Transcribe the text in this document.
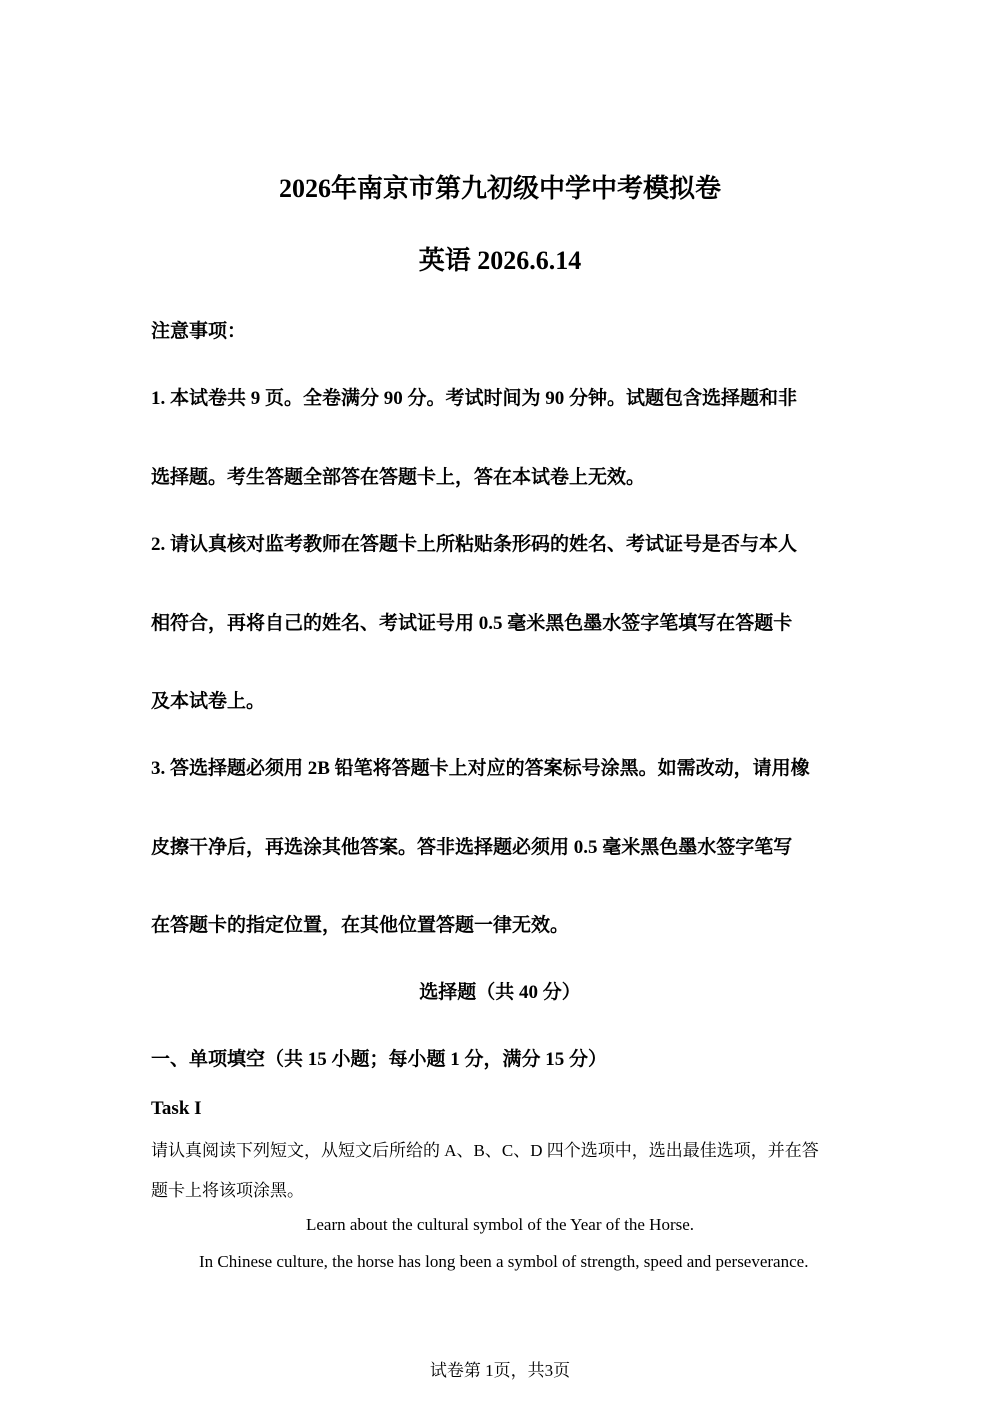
2026年南京市第九初级中学中考模拟卷
英语 2026.6.14
注意事项：
1. 本试卷共 9 页。全卷满分 90 分。考试时间为 90 分钟。试题包含选择题和非
选择题。考生答题全部答在答题卡上，答在本试卷上无效。
2. 请认真核对监考教师在答题卡上所粘贴条形码的姓名、考试证号是否与本人
相符合，再将自己的姓名、考试证号用 0.5 毫米黑色墨水签字笔填写在答题卡
及本试卷上。
3. 答选择题必须用 2B 铅笔将答题卡上对应的答案标号涂黑。如需改动，请用橡
皮擦干净后，再选涂其他答案。答非选择题必须用 0.5 毫米黑色墨水签字笔写
在答题卡的指定位置，在其他位置答题一律无效。
选择题（共 40 分）
一、单项填空（共 15 小题；每小题 1 分，满分 15 分）
Task I
请认真阅读下列短文，从短文后所给的 A、B、C、D 四个选项中，选出最佳选项，并在答
题卡上将该项涂黑。
Learn about the cultural symbol of the Year of the Horse.
In Chinese culture, the horse has long been a symbol of strength, speed and perseverance.
试卷第 1页，共3页
